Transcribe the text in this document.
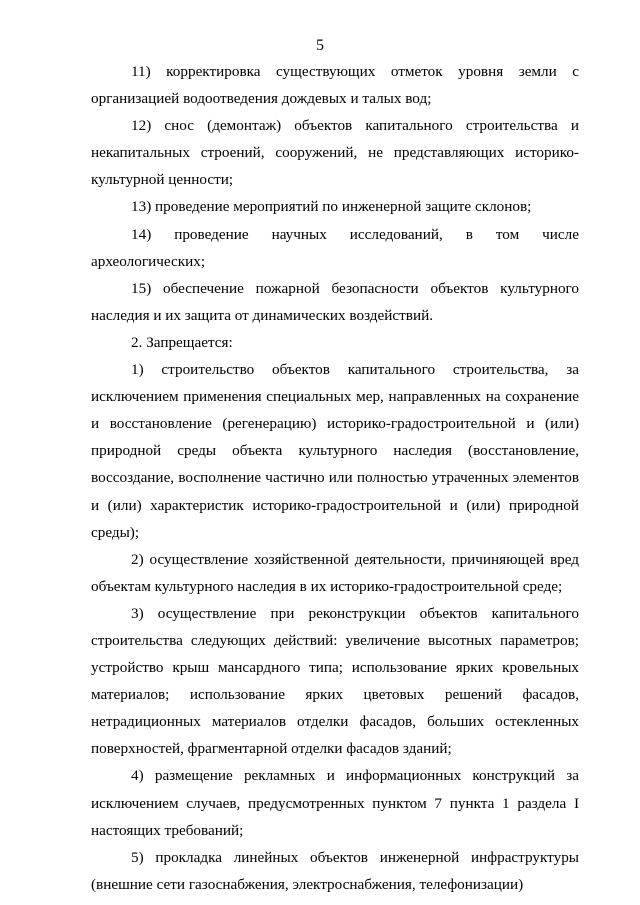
5

11) корректировка существующих отметок уровня земли с организацией водоотведения дождевых и талых вод;

12) снос (демонтаж) объектов капитального строительства и некапитальных строений, сооружений, не представляющих историко-культурной ценности;

13) проведение мероприятий по инженерной защите склонов;

14) проведение научных исследований, в том числе археологических;

15) обеспечение пожарной безопасности объектов культурного наследия и их защита от динамических воздействий.

2. Запрещается:

1) строительство объектов капитального строительства, за исключением применения специальных мер, направленных на сохранение и восстановление (регенерацию) историко-градостроительной и (или) природной среды объекта культурного наследия (восстановление, воссоздание, восполнение частично или полностью утраченных элементов и (или) характеристик историко-градостроительной и (или) природной среды);

2) осуществление хозяйственной деятельности, причиняющей вред объектам культурного наследия в их историко-градостроительной среде;

3) осуществление при реконструкции объектов капитального строительства следующих действий: увеличение высотных параметров; устройство крыш мансардного типа; использование ярких кровельных материалов; использование ярких цветовых решений фасадов, нетрадиционных материалов отделки фасадов, больших остекленных поверхностей, фрагментарной отделки фасадов зданий;

4) размещение рекламных и информационных конструкций за исключением случаев, предусмотренных пунктом 7 пункта 1 раздела I настоящих требований;

5) прокладка линейных объектов инженерной инфраструктуры (внешние сети газоснабжения, электроснабжения, телефонизации)
